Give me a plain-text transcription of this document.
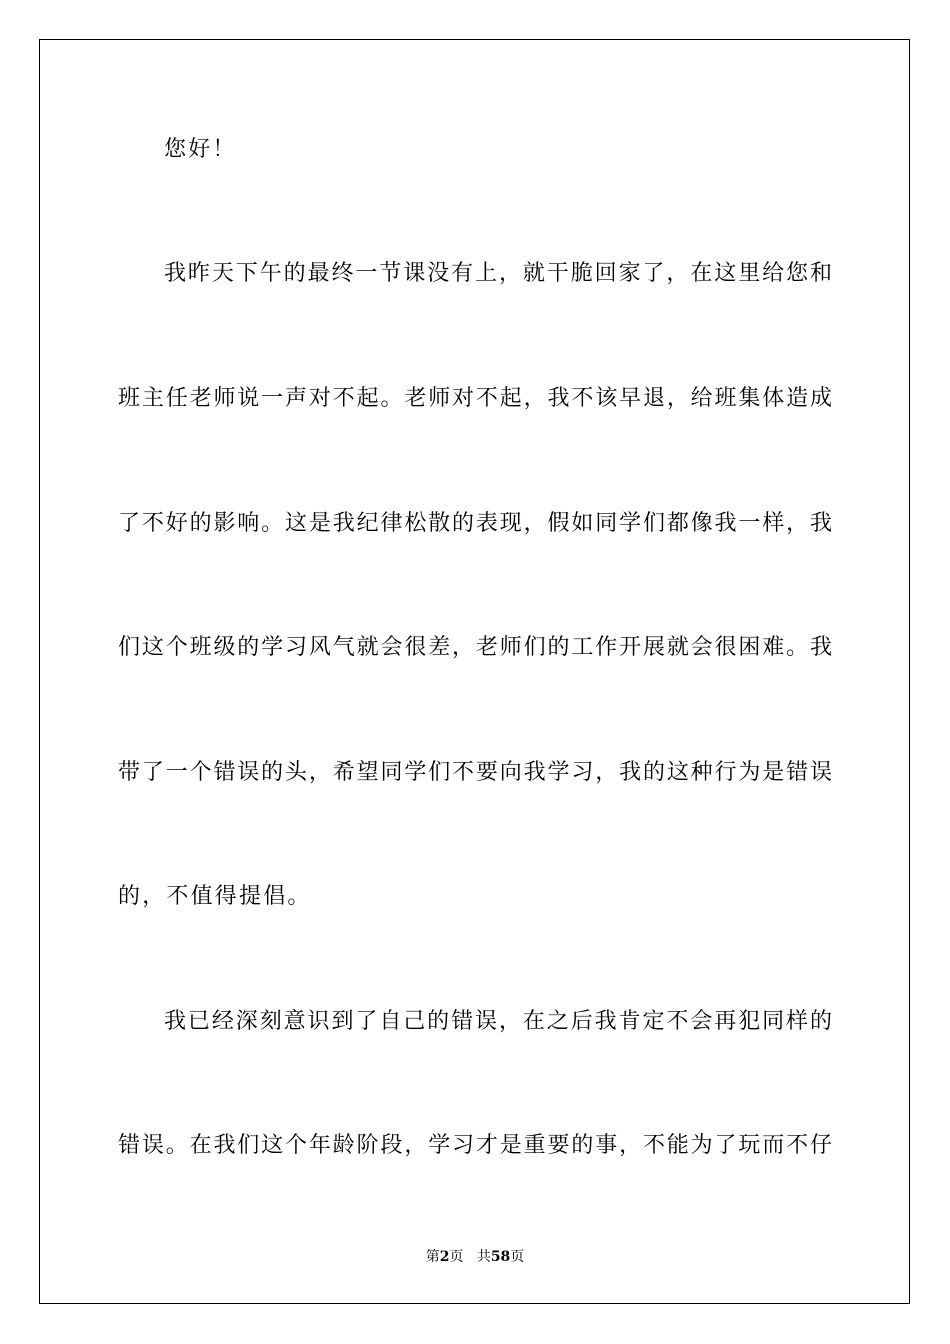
您好！
我昨天下午的最终一节课没有上，就干脆回家了，在这里给您和
班主任老师说一声对不起。老师对不起，我不该早退，给班集体造成
了不好的影响。这是我纪律松散的表现，假如同学们都像我一样，我
们这个班级的学习风气就会很差，老师们的工作开展就会很困难。我
带了一个错误的头，希望同学们不要向我学习，我的这种行为是错误
的，不值得提倡。
我已经深刻意识到了自己的错误，在之后我肯定不会再犯同样的
错误。在我们这个年龄阶段，学习才是重要的事，不能为了玩而不仔
第2页 共58页
